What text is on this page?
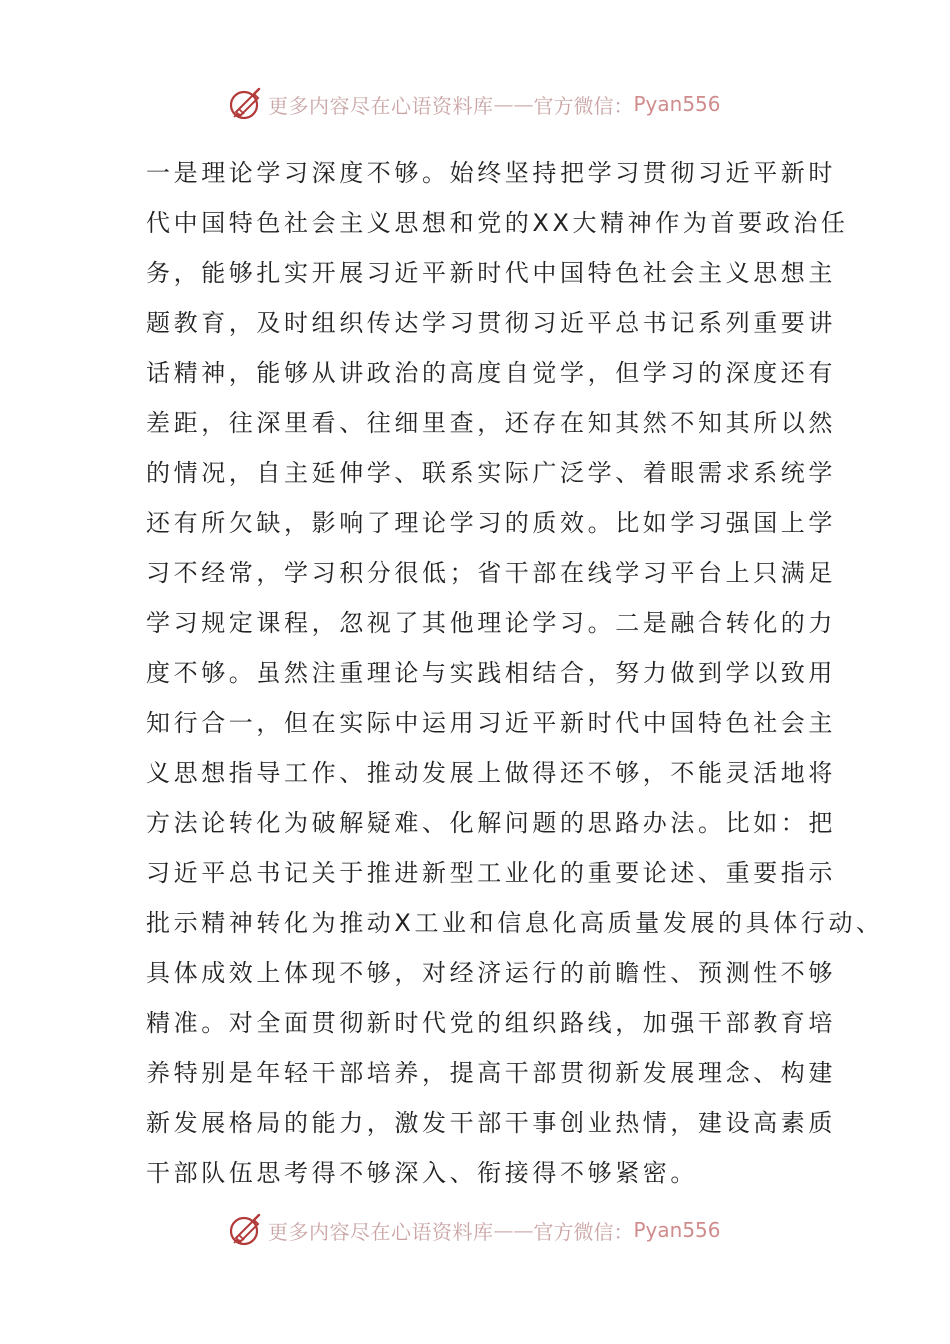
更多内容尽在心语资料库 —— 官方微信： Pyan556
一是理论学习深度不够。始终坚持把学习贯彻习近平新时
代中国特色社会主义思想和党的XX大精神作为首要政治任
务，能够扎实开展习近平新时代中国特色社会主义思想主
题教育，及时组织传达学习贯彻习近平总书记系列重要讲
话精神，能够从讲政治的高度自觉学，但学习的深度还有
差距，往深里看、往细里查，还存在知其然不知其所以然
的情况，自主延伸学、联系实际广泛学、着眼需求系统学
还有所欠缺，影响了理论学习的质效。比如学习强国上学
习不经常，学习积分很低；省干部在线学习平台上只满足
学习规定课程，忽视了其他理论学习。二是融合转化的力
度不够。虽然注重理论与实践相结合，努力做到学以致用
知行合一，但在实际中运用习近平新时代中国特色社会主
义思想指导工作、推动发展上做得还不够，不能灵活地将
方法论转化为破解疑难、化解问题的思路办法。比如：把
习近平总书记关于推进新型工业化的重要论述、重要指示
批示精神转化为推动X工业和信息化高质量发展的具体行动、
具体成效上体现不够，对经济运行的前瞻性、预测性不够
精准。对全面贯彻新时代党的组织路线，加强干部教育培
养特别是年轻干部培养，提高干部贯彻新发展理念、构建
新发展格局的能力，激发干部干事创业热情，建设高素质
干部队伍思考得不够深入、衔接得不够紧密。
更多内容尽在心语资料库 —— 官方微信： Pyan556
